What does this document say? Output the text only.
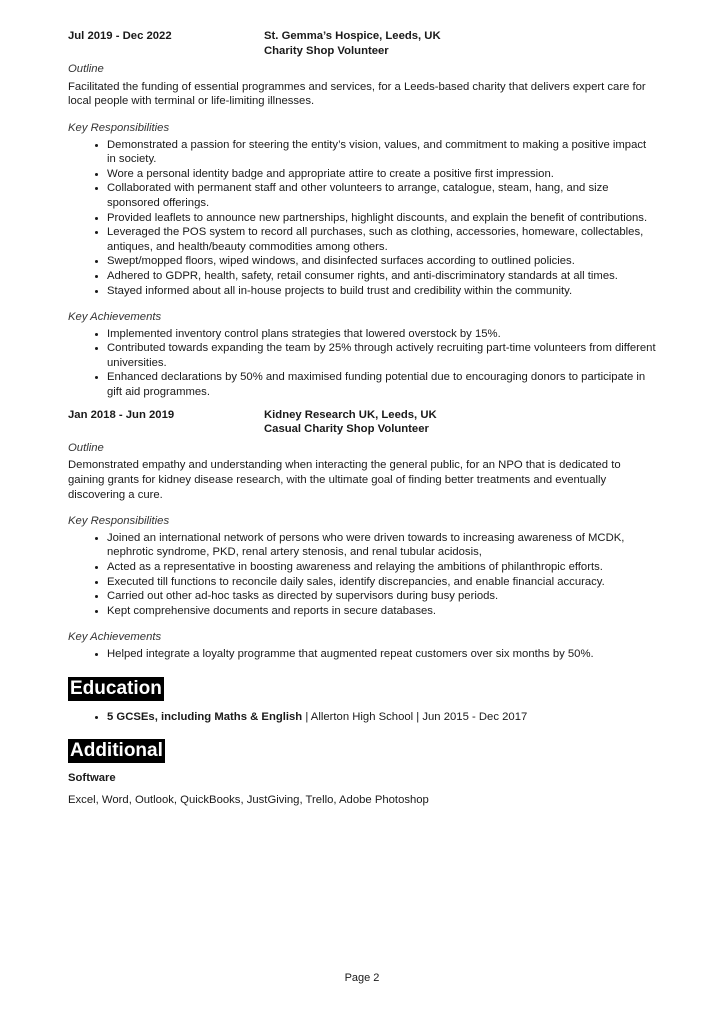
Jul 2019 - Dec 2022	St. Gemma’s Hospice, Leeds, UK
Charity Shop Volunteer
Outline

Facilitated the funding of essential programmes and services, for a Leeds-based charity that delivers expert care for local people with terminal or life-limiting illnesses.

Key Responsibilities
• Demonstrated a passion for steering the entity’s vision, values, and commitment to making a positive impact in society.
• Wore a personal identity badge and appropriate attire to create a positive first impression.
• Collaborated with permanent staff and other volunteers to arrange, catalogue, steam, hang, and size sponsored offerings.
• Provided leaflets to announce new partnerships, highlight discounts, and explain the benefit of contributions.
• Leveraged the POS system to record all purchases, such as clothing, accessories, homeware, collectables, antiques, and health/beauty commodities among others.
• Swept/mopped floors, wiped windows, and disinfected surfaces according to outlined policies.
• Adhered to GDPR, health, safety, retail consumer rights, and anti-discriminatory standards at all times.
• Stayed informed about all in-house projects to build trust and credibility within the community.
Key Achievements
• Implemented inventory control plans strategies that lowered overstock by 15%.
• Contributed towards expanding the team by 25% through actively recruiting part-time volunteers from different universities.
• Enhanced declarations by 50% and maximised funding potential due to encouraging donors to participate in gift aid programmes.
Jan 2018 - Jun 2019	Kidney Research UK, Leeds, UK
Casual Charity Shop Volunteer
Outline

Demonstrated empathy and understanding when interacting the general public, for an NPO that is dedicated to gaining grants for kidney disease research, with the ultimate goal of finding better treatments and eventually discovering a cure.

Key Responsibilities
• Joined an international network of persons who were driven towards to increasing awareness of MCDK, nephrotic syndrome, PKD, renal artery stenosis, and renal tubular acidosis,
• Acted as a representative in boosting awareness and relaying the ambitions of philanthropic efforts.
• Executed till functions to reconcile daily sales, identify discrepancies, and enable financial accuracy.
• Carried out other ad-hoc tasks as directed by supervisors during busy periods.
• Kept comprehensive documents and reports in secure databases.
Key Achievements
• Helped integrate a loyalty programme that augmented repeat customers over six months by 50%.
Education
• 5 GCSEs, including Maths & English | Allerton High School | Jun 2015 - Dec 2017
Additional
Software
Excel, Word, Outlook, QuickBooks, JustGiving, Trello, Adobe Photoshop
Page 2
